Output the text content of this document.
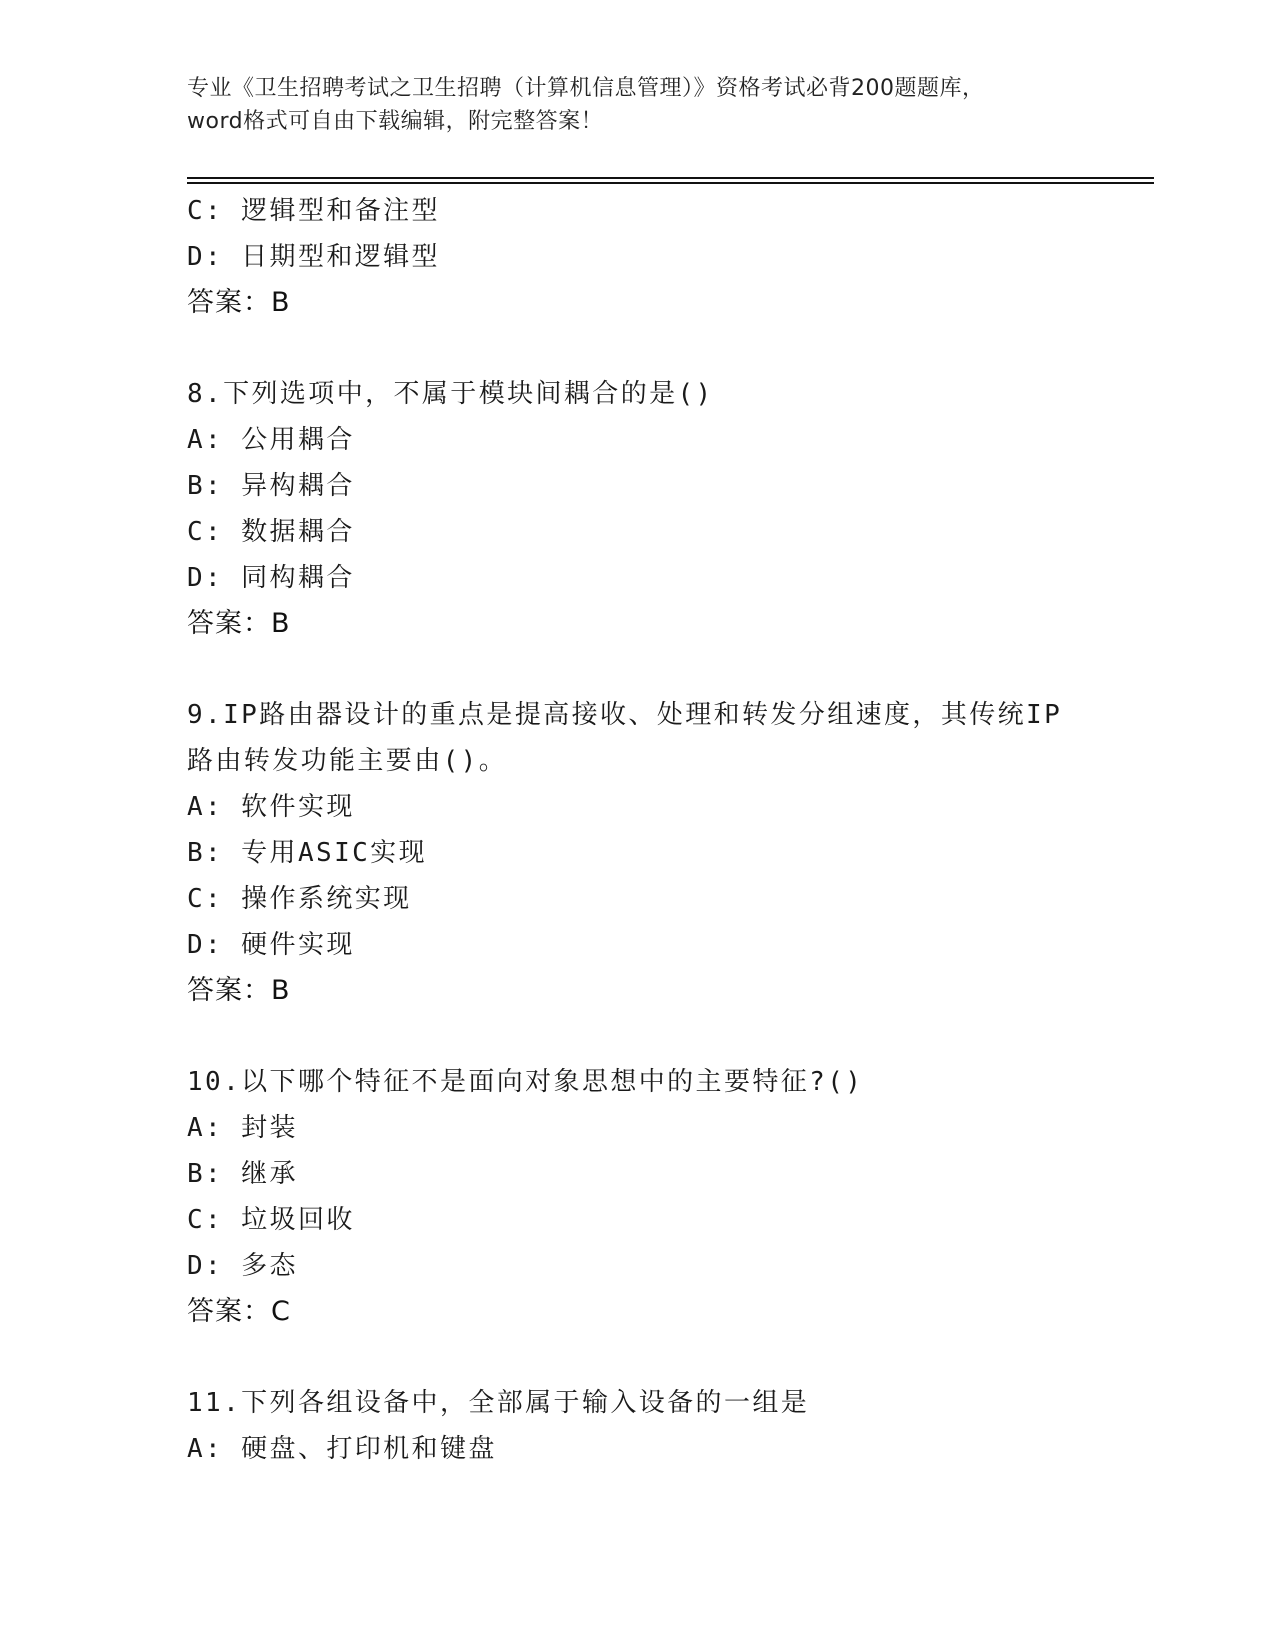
专业《卫生招聘考试之卫生招聘（计算机信息管理）》资格考试必背200题题库，
word格式可自由下载编辑，附完整答案！
C: 逻辑型和备注型
D: 日期型和逻辑型
答案：B
8.下列选项中，不属于模块间耦合的是()
A: 公用耦合
B: 异构耦合
C: 数据耦合
D: 同构耦合
答案：B
9.IP路由器设计的重点是提高接收、处理和转发分组速度，其传统IP
路由转发功能主要由()。
A: 软件实现
B: 专用ASIC实现
C: 操作系统实现
D: 硬件实现
答案：B
10.以下哪个特征不是面向对象思想中的主要特征?()
A: 封装
B: 继承
C: 垃圾回收
D: 多态
答案：C
11.下列各组设备中，全部属于输入设备的一组是
A: 硬盘、打印机和键盘
